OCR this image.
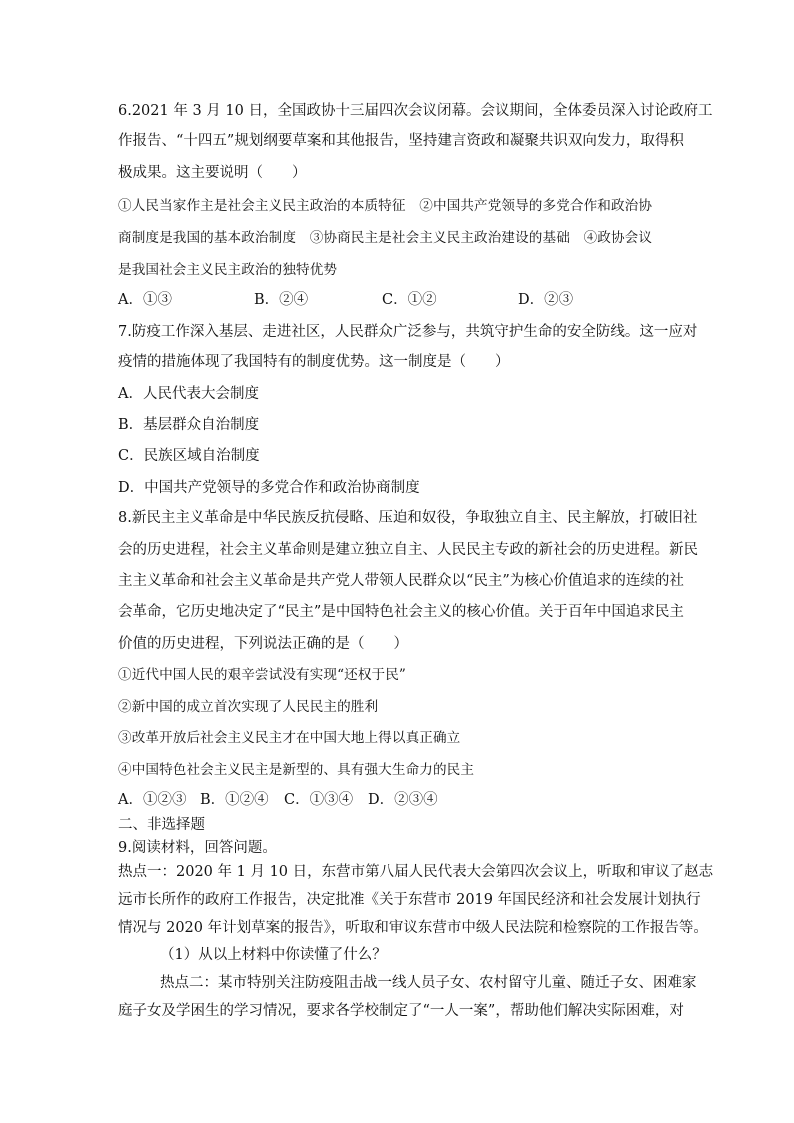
6.2021 年 3 月 10 日，全国政协十三届四次会议闭幕。会议期间，全体委员深入讨论政府工
作报告、“十四五”规划纲要草案和其他报告，坚持建言资政和凝聚共识双向发力，取得积
极成果。这主要说明（　　）
①人民当家作主是社会主义民主政治的本质特征　②中国共产党领导的多党合作和政治协
商制度是我国的基本政治制度　③协商民主是社会主义民主政治建设的基础　④政协会议
是我国社会主义民主政治的独特优势
A．①③	B．②④	C．①②	D．②③
7.防疫工作深入基层、走进社区，人民群众广泛参与，共筑守护生命的安全防线。这一应对
疫情的措施体现了我国特有的制度优势。这一制度是（　　）
A．人民代表大会制度
B．基层群众自治制度
C．民族区域自治制度
D．中国共产党领导的多党合作和政治协商制度
8.新民主主义革命是中华民族反抗侵略、压迫和奴役，争取独立自主、民主解放，打破旧社
会的历史进程，社会主义革命则是建立独立自主、人民民主专政的新社会的历史进程。新民
主主义革命和社会主义革命是共产党人带领人民群众以“民主”为核心价值追求的连续的社
会革命，它历史地决定了“民主”是中国特色社会主义的核心价值。关于百年中国追求民主
价值的历史进程，下列说法正确的是（　　）
①近代中国人民的艰辛尝试没有实现“还权于民”
②新中国的成立首次实现了人民民主的胜利
③改革开放后社会主义民主才在中国大地上得以真正确立
④中国特色社会主义民主是新型的、具有强大生命力的民主
A．①②③ B．①②④	C．①③④	D．②③④
二、非选择题
9.阅读材料，回答问题。
热点一：2020 年 1 月 10 日，东营市第八届人民代表大会第四次会议上，听取和审议了赵志
远市长所作的政府工作报告，决定批准《关于东营市 2019 年国民经济和社会发展计划执行
情况与 2020 年计划草案的报告》，听取和审议东营市中级人民法院和检察院的工作报告等。
（1）从以上材料中你读懂了什么？
热点二：某市特别关注防疫阻击战一线人员子女、农村留守儿童、随迁子女、困难家
庭子女及学困生的学习情况，要求各学校制定了“一人一案”，帮助他们解决实际困难，对
